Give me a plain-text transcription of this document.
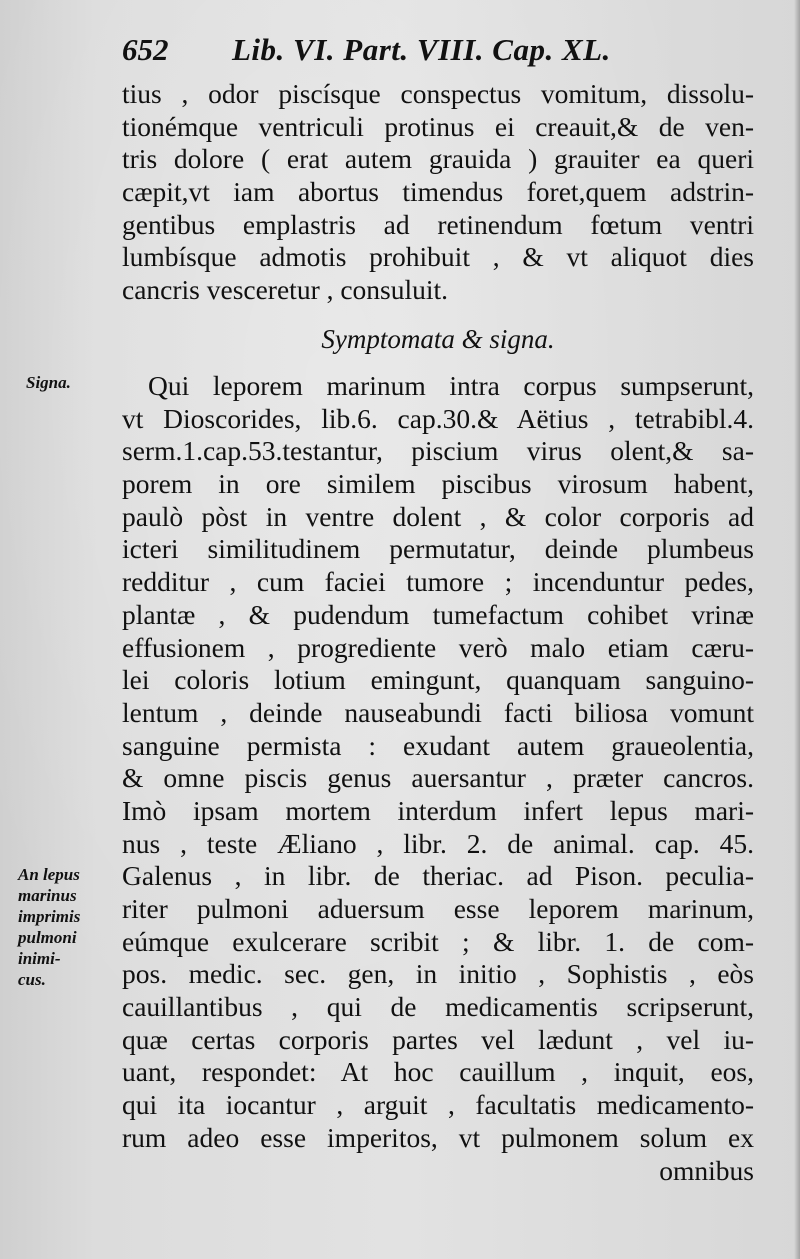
652 Lib. VI. Part. VIII. Cap. XL.
tius , odor piscísque conspectus vomitum, dissolu-
tionémque ventriculi protinus ei creauit,& de ven-
tris dolore ( erat autem grauida ) grauiter ea queri
cæpit,vt iam abortus timendus foret,quem adstrin-
gentibus emplastris ad retinendum fœtum ventri
lumbísque admotis prohibuit , & vt aliquot dies
cancris vesceretur , consuluit.
Symptomata & signa.
Signa.
An lepus
marinus
imprimis
pulmoni
inimi-
cus.
Qui leporem marinum intra corpus sumpserunt,
vt Dioscorides, lib.6. cap.30.& Aëtius , tetrabibl.4.
serm.1.cap.53.testantur, piscium virus olent,& sa-
porem in ore similem piscibus virosum habent,
paulò pòst in ventre dolent , & color corporis ad
icteri similitudinem permutatur, deinde plumbeus
redditur , cum faciei tumore ; incenduntur pedes,
plantæ , & pudendum tumefactum cohibet vrinæ
effusionem , progrediente verò malo etiam cæru-
lei coloris lotium emingunt, quanquam sanguino-
lentum , deinde nauseabundi facti biliosa vomunt
sanguine permista : exudant autem graueolentia,
& omne piscis genus auersantur , præter cancros.
Imò ipsam mortem interdum infert lepus mari-
nus , teste Æliano , libr. 2. de animal. cap. 45.
Galenus , in libr. de theriac. ad Pison. peculia-
riter pulmoni aduersum esse leporem marinum,
eúmque exulcerare scribit ; & libr. 1. de com-
pos. medic. sec. gen, in initio , Sophistis , eòs
cauillantibus , qui de medicamentis scripserunt,
quæ certas corporis partes vel lædunt , vel iu-
uant, respondet: At hoc cauillum , inquit, eos,
qui ita iocantur , arguit , facultatis medicamento-
rum adeo esse imperitos, vt pulmonem solum ex
omnibus
